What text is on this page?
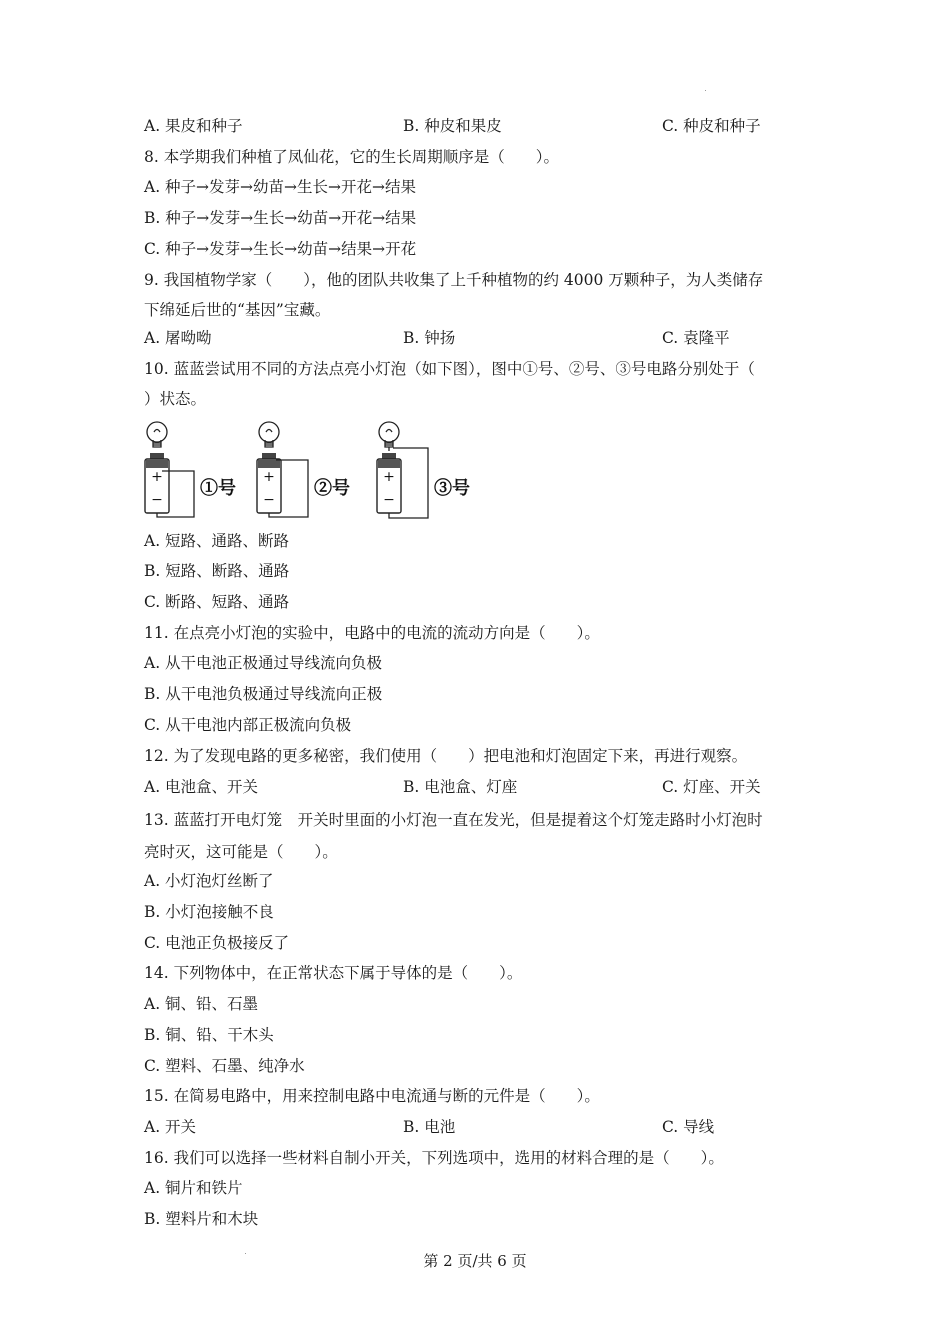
A. 果皮和种子	B. 种皮和果皮	C. 种皮和种子
8. 本学期我们种植了凤仙花，它的生长周期顺序是（　　）。
A. 种子→发芽→幼苗→生长→开花→结果
B. 种子→发芽→生长→幼苗→开花→结果
C. 种子→发芽→生长→幼苗→结果→开花
9. 我国植物学家（　　），他的团队共收集了上千种植物的约 4000 万颗种子，为人类储存
下绵延后世的“基因”宝藏。
A. 屠呦呦	B. 钟扬	C. 袁隆平
10. 蓝蓝尝试用不同的方法点亮小灯泡（如下图），图中①号、②号、③号电路分别处于（
）状态。
+
−
①号
+
−
②号
+
−
③号
A. 短路、通路、断路
B. 短路、断路、通路
C. 断路、短路、通路
11. 在点亮小灯泡的实验中，电路中的电流的流动方向是（　　）。
A. 从干电池正极通过导线流向负极
B. 从干电池负极通过导线流向正极
C. 从干电池内部正极流向负极
12. 为了发现电路的更多秘密，我们使用（　　）把电池和灯泡固定下来，再进行观察。
A. 电池盒、开关	B. 电池盒、灯座	C. 灯座、开关
13. 蓝蓝打开电灯笼　开关时里面的小灯泡一直在发光，但是提着这个灯笼走路时小灯泡时
亮时灭，这可能是（　　）。
A. 小灯泡灯丝断了
B. 小灯泡接触不良
C. 电池正负极接反了
14. 下列物体中，在正常状态下属于导体的是（　　）。
A. 铜、铅、石墨
B. 铜、铅、干木头
C. 塑料、石墨、纯净水
15. 在简易电路中，用来控制电路中电流通与断的元件是（　　）。
A. 开关	B. 电池	C. 导线
16. 我们可以选择一些材料自制小开关，下列选项中，选用的材料合理的是（　　）。
A. 铜片和铁片
B. 塑料片和木块
第 2 页/共 6 页
